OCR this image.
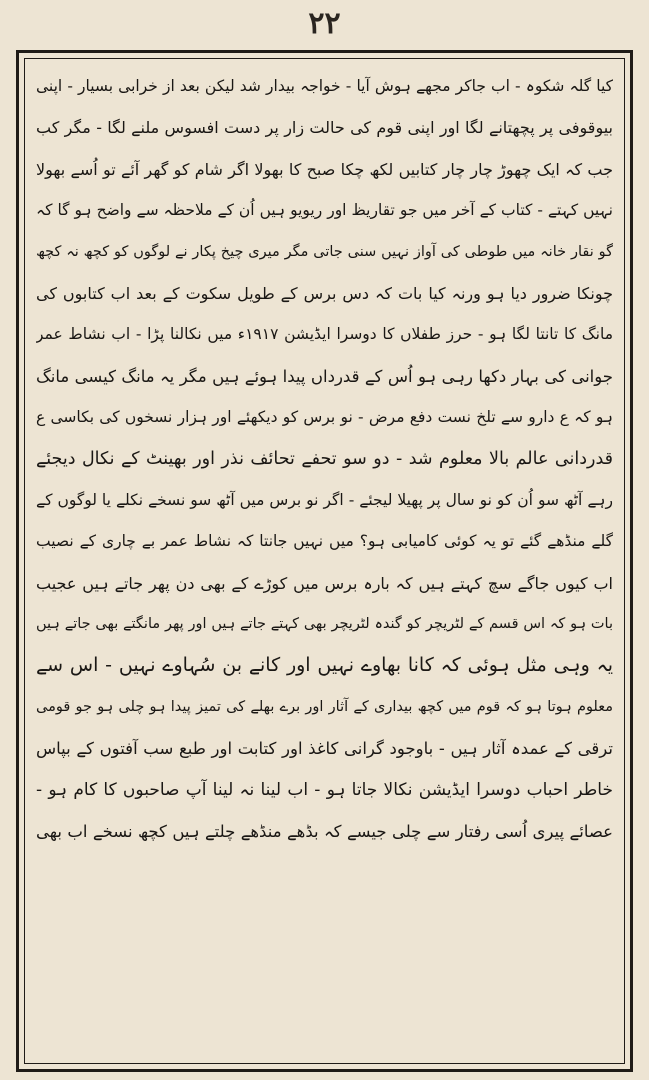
۲۲
کیا گلہ شکوہ - اب جاکر مجھے ہوش آیا - خواجہ بیدار شد لیکن بعد از خرابی بسیار - اپنی
بیوقوفی پر پچھتانے لگا اور اپنی قوم کی حالت زار پر دست افسوس ملنے لگا - مگر کب
جب کہ ایک چھوڑ چار چار کتابیں لکھ چکا صبح کا بھولا اگر شام کو گھر آئے تو اُسے بھولا
نہیں کہتے - کتاب کے آخر میں جو تقاریظ اور ریویو ہیں اُن کے ملاحظہ سے واضح ہو گا کہ
گو نقار خانہ میں طوطی کی آواز نہیں سنی جاتی مگر میری چیخ پکار نے لوگوں کو کچھ نہ کچھ
چونکا ضرور دیا ہو ورنہ کیا بات کہ دس برس کے طویل سکوت کے بعد اب کتابوں کی
مانگ کا تانتا لگا ہو - حرز طفلاں کا دوسرا ایڈیشن ۱۹۱۷ء میں نکالنا پڑا - اب نشاط عمر
جوانی کی بہار دکھا رہی ہو اُس کے قدرداں پیدا ہوئے ہیں مگر یہ مانگ کیسی مانگ
ہو کہ ع دارو سے تلخ نست دفع مرض - نو برس کو دیکھئے اور ہزار نسخوں کی بکاسی ع
قدردانی عالم بالا معلوم شد - دو سو تحفے تحائف نذر اور بھینٹ کے نکال دیجئے
رہے آٹھ سو اُن کو نو سال پر پھیلا لیجئے - اگر نو برس میں آٹھ سو نسخے نکلے یا لوگوں کے
گلے منڈھے گئے تو یہ کوئی کامیابی ہو؟ میں نہیں جانتا کہ نشاط عمر بے چاری کے نصیب
اب کیوں جاگے سچ کہتے ہیں کہ بارہ برس میں کوڑے کے بھی دن پھر جاتے ہیں عجیب
بات ہو کہ اس قسم کے لٹریچر کو گندہ لٹریچر بھی کہتے جاتے ہیں اور پھر مانگتے بھی جاتے ہیں
یہ وہی مثل ہوئی کہ کانا بھاوے نہیں اور کانے بن سُہاوے نہیں - اس سے
معلوم ہوتا ہو کہ قوم میں کچھ بیداری کے آثار اور برے بھلے کی تمیز پیدا ہو چلی ہو جو قومی
ترقی کے عمدہ آثار ہیں - باوجود گرانی کاغذ اور کتابت اور طبع سب آفتوں کے بپاس
خاطر احباب دوسرا ایڈیشن نکالا جاتا ہو - اب لینا نہ لینا آپ صاحبوں کا کام ہو -
عصائے پیری اُسی رفتار سے چلی جیسے کہ بڈھے منڈھے چلتے ہیں کچھ نسخے اب بھی
